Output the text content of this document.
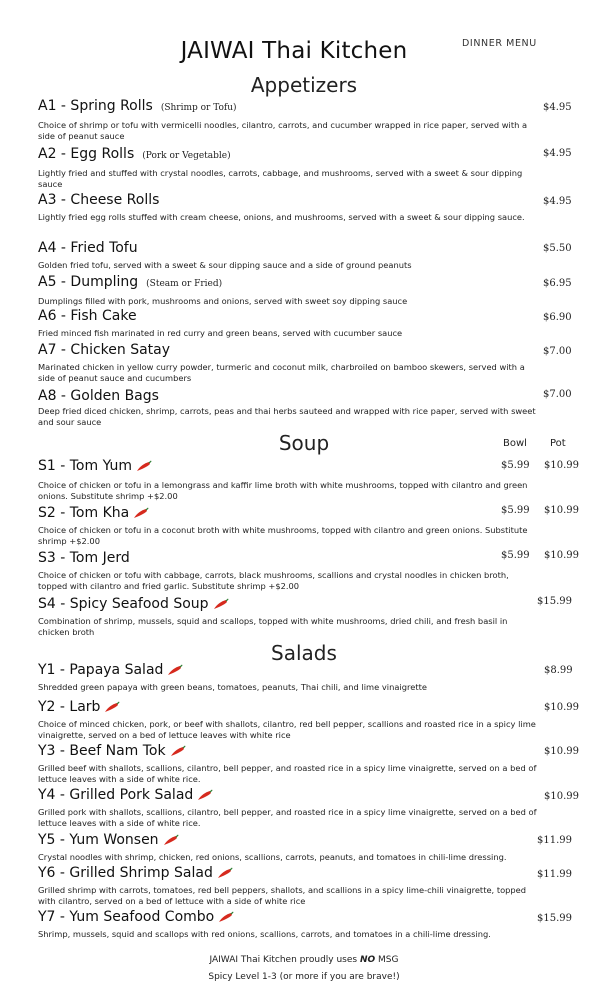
JAIWAI Thai Kitchen	DINNER MENU
Appetizers
A1 - Spring Rolls (Shrimp or Tofu)
Choice of shrimp or tofu with vermicelli noodles, cilantro, carrots, and cucumber wrapped in rice paper, served with a side of peanut sauce
$4.95
A2 - Egg Rolls (Pork or Vegetable)
Lightly fried and stuffed with crystal noodles, carrots, cabbage, and mushrooms, served with a sweet & sour dipping sauce
$4.95
A3 - Cheese Rolls
Lightly fried egg rolls stuffed with cream cheese, onions, and mushrooms, served with a sweet & sour dipping sauce.
$4.95
A4 - Fried Tofu
Golden fried tofu, served with a sweet & sour dipping sauce and a side of ground peanuts
$5.50
A5 - Dumpling (Steam or Fried)
Dumplings filled with pork, mushrooms and onions, served with sweet soy dipping sauce
$6.95
A6 - Fish Cake
Fried minced fish marinated in red curry and green beans, served with cucumber sauce
$6.90
A7 - Chicken Satay
Marinated chicken in yellow curry powder, turmeric and coconut milk, charbroiled on bamboo skewers, served with a side of peanut sauce and cucumbers
$7.00
A8 - Golden Bags
Deep fried diced chicken, shrimp, carrots, peas and thai herbs sauteed and wrapped with rice paper, served with sweet and sour sauce
$7.00
Soup	Bowl Pot
S1 - Tom Yum
Choice of chicken or tofu in a lemongrass and kaffir lime broth with white mushrooms, topped with cilantro and green onions. Substitute shrimp +$2.00
$5.99 $10.99
S2 - Tom Kha
Choice of chicken or tofu in a coconut broth with white mushrooms, topped with cilantro and green onions. Substitute shrimp +$2.00
$5.99 $10.99
S3 - Tom Jerd
Choice of chicken or tofu with cabbage, carrots, black mushrooms, scallions and crystal noodles in chicken broth, topped with cilantro and fried garlic. Substitute shrimp +$2.00
$5.99 $10.99
S4 - Spicy Seafood Soup
Combination of shrimp, mussels, squid and scallops, topped with white mushrooms, dried chili, and fresh basil in chicken broth
$15.99
Salads
Y1 - Papaya Salad
Shredded green papaya with green beans, tomatoes, peanuts, Thai chili, and lime vinaigrette
$8.99
Y2 - Larb
Choice of minced chicken, pork, or beef with shallots, cilantro, red bell pepper, scallions and roasted rice in a spicy lime vinaigrette, served on a bed of lettuce leaves with white rice
$10.99
Y3 - Beef Nam Tok
Grilled beef with shallots, scallions, cilantro, bell pepper, and roasted rice in a spicy lime vinaigrette, served on a bed of lettuce leaves with a side of white rice.
$10.99
Y4 - Grilled Pork Salad
Grilled pork with shallots, scallions, cilantro, bell pepper, and roasted rice in a spicy lime vinaigrette, served on a bed of lettuce leaves with a side of white rice.
$10.99
Y5 - Yum Wonsen
Crystal noodles with shrimp, chicken, red onions, scallions, carrots, peanuts, and tomatoes in chili-lime dressing.
$11.99
Y6 - Grilled Shrimp Salad
Grilled shrimp with carrots, tomatoes, red bell peppers, shallots, and scallions in a spicy lime-chili vinaigrette, topped with cilantro, served on a bed of lettuce with a side of white rice
$11.99
Y7 - Yum Seafood Combo
Shrimp, mussels, squid and scallops with red onions, scallions, carrots, and tomatoes in a chili-lime dressing.
$15.99
JAIWAI Thai Kitchen proudly uses NO MSG
Spicy Level 1-3 (or more if you are brave!)
